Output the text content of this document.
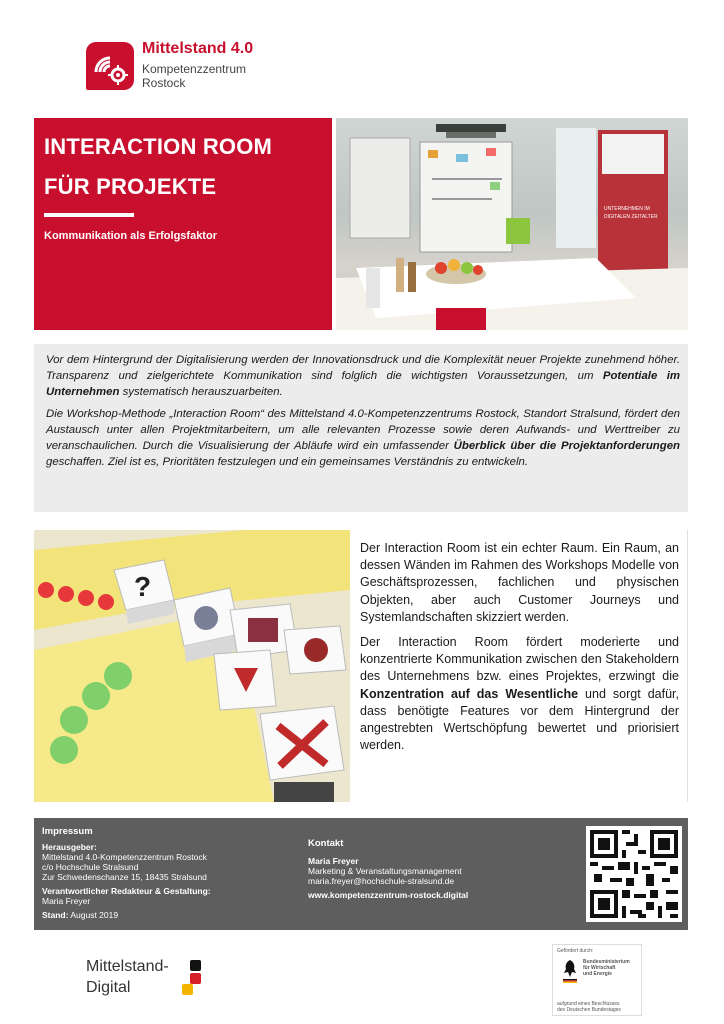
Mittelstand 4.0
Kompetenzzentrum
Rostock
INTERACTION ROOM
FÜR PROJEKTE
Kommunikation als Erfolgsfaktor
UNTERNEHMEN IM
DIGITALEN ZEITALTER

Vor dem Hintergrund der Digitalisierung werden der Innovationsdruck und die Komplexität neuer Projekte zunehmend höher. Transparenz und zielgerichtete Kommunikation sind folglich die wichtigsten Voraussetzungen, um Potentiale im Unternehmen systematisch herauszuarbeiten.

Die Workshop-Methode „Interaction Room“ des Mittelstand 4.0-Kompetenzzentrums Rostock, Standort Stralsund, fördert den Austausch unter allen Projektmitarbeitern, um alle relevanten Prozesse sowie deren Aufwands- und Werttreiber zu veranschaulichen. Durch die Visualisierung der Abläufe wird ein umfassender Überblick über die Projektanforderungen geschaffen. Ziel ist es, Prioritäten festzulegen und ein gemeinsames Verständnis zu entwickeln.

?

Der Interaction Room ist ein echter Raum. Ein Raum, an dessen Wänden im Rahmen des Workshops Modelle von Geschäftsprozessen, fachlichen und physischen Objekten, aber auch Customer Journeys und Systemlandschaften skizziert werden.

Der Interaction Room fördert moderierte und konzentrierte Kommunikation zwischen den Stakeholdern des Unternehmens bzw. eines Projektes, erzwingt die Konzentration auf das Wesentliche und sorgt dafür, dass benötigte Features vor dem Hintergrund der angestrebten Wertschöpfung bewertet und priorisiert werden.

Impressum
Herausgeber:
Mittelstand 4.0-Kompetenzzentrum Rostock
c/o Hochschule Stralsund
Zur Schwedenschanze 15, 18435 Stralsund
Verantwortlicher Redakteur & Gestaltung:
Maria Freyer
Stand: August 2019
Kontakt
Maria Freyer
Marketing & Veranstaltungsmanagement
maria.freyer@hochschule-stralsund.de
www.kompetenzzentrum-rostock.digital
Mittelstand-
Digital
Gefördert durch:
Bundesministerium
für Wirtschaft
und Energie
aufgrund eines Beschlusses
des Deutschen Bundestages
